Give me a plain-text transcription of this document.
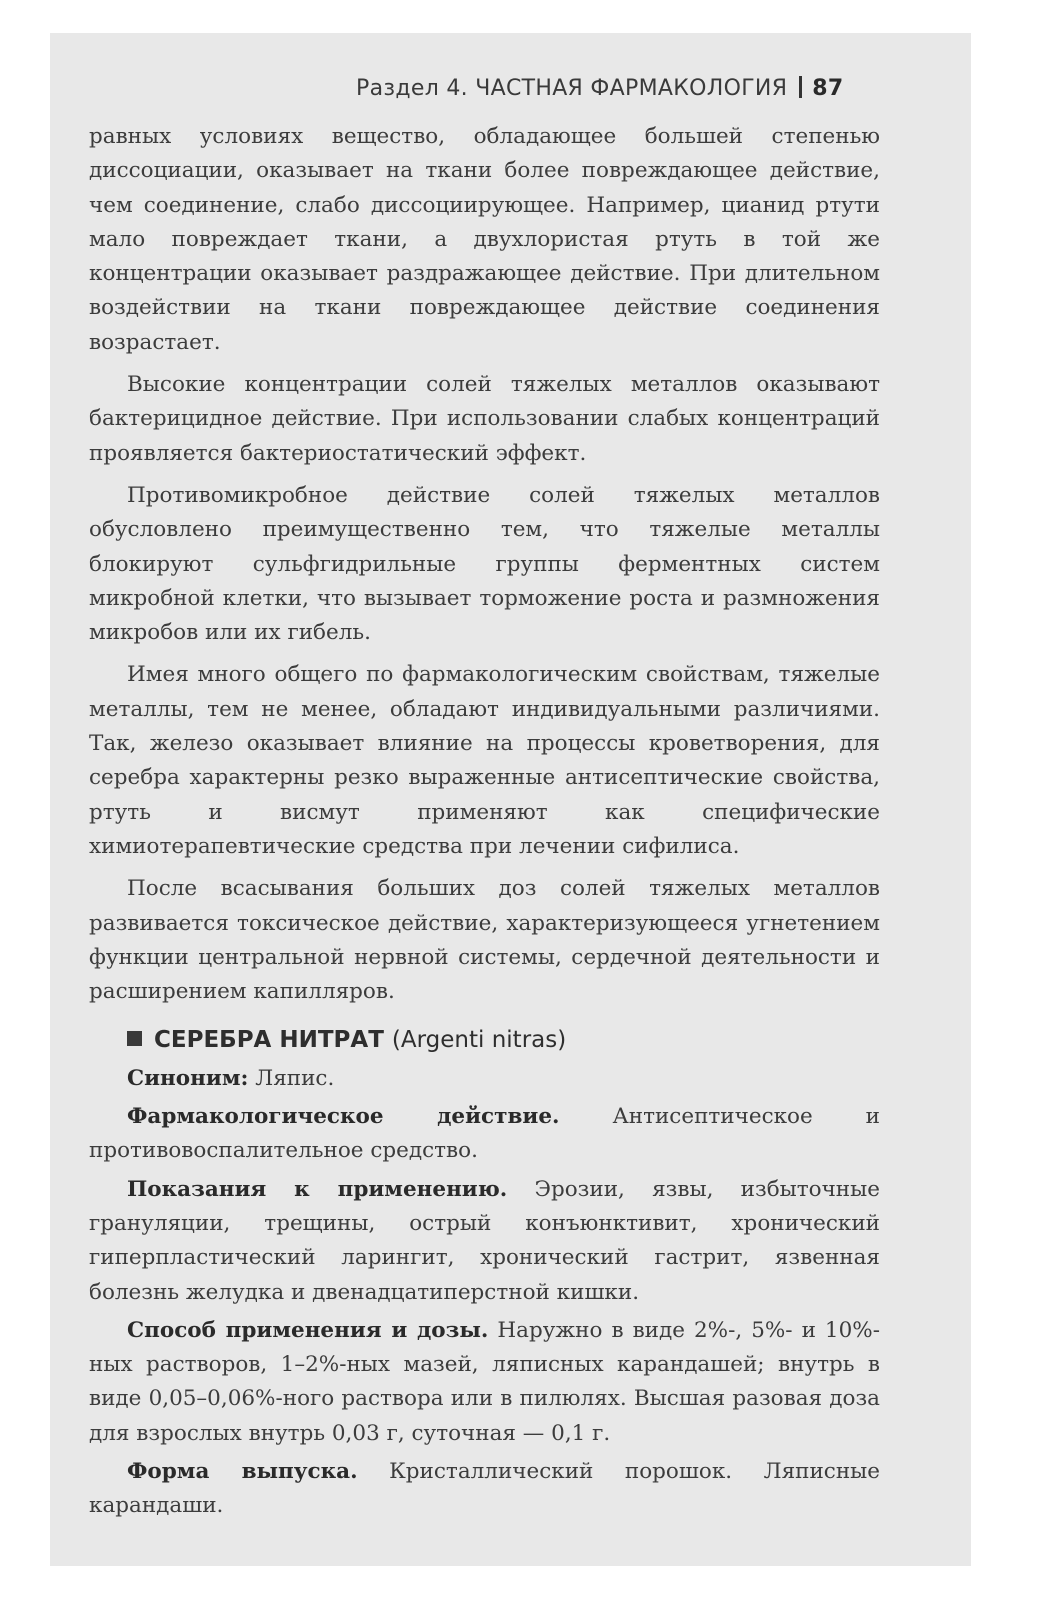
Раздел 4. ЧАСТНАЯ ФАРМАКОЛОГИЯ 87

равных условиях вещество, обладающее большей степенью диссоциации, оказывает на ткани более повреждающее действие, чем соединение, слабо диссоциирующее. Например, цианид ртути мало повреждает ткани, а двухлористая ртуть в той же концентрации оказывает раздражающее действие. При длительном воздействии на ткани повреждающее действие соединения возрастает.

Высокие концентрации солей тяжелых металлов оказывают бактерицидное действие. При использовании слабых концентраций проявляется бактериостатический эффект.

Противомикробное действие солей тяжелых металлов обусловлено преимущественно тем, что тяжелые металлы блокируют сульфгидрильные группы ферментных систем микробной клетки, что вызывает торможение роста и размножения микробов или их гибель.

Имея много общего по фармакологическим свойствам, тяжелые металлы, тем не менее, обладают индивидуальными различиями. Так, железо оказывает влияние на процессы кроветворения, для серебра характерны резко выраженные антисептические свойства, ртуть и висмут применяют как специфические химиотерапевтические средства при лечении сифилиса.

После всасывания больших доз солей тяжелых металлов развивается токсическое действие, характеризующееся угнетением функции центральной нервной системы, сердечной деятельности и расширением капилляров.

СЕРЕБРА НИТРАТ (Argenti nitras)

Синоним: Ляпис.

Фармакологическое действие. Антисептическое и противовоспалительное средство.

Показания к применению. Эрозии, язвы, избыточные грануляции, трещины, острый конъюнктивит, хронический гиперпластический ларингит, хронический гастрит, язвенная болезнь желудка и двенадцатиперстной кишки.

Способ применения и дозы. Наружно в виде 2%-, 5%- и 10%-ных растворов, 1–2%-ных мазей, ляписных карандашей; внутрь в виде 0,05–0,06%-ного раствора или в пилюлях. Высшая разовая доза для взрослых внутрь 0,03 г, суточная — 0,1 г.

Форма выпуска. Кристаллический порошок. Ляписные карандаши.
